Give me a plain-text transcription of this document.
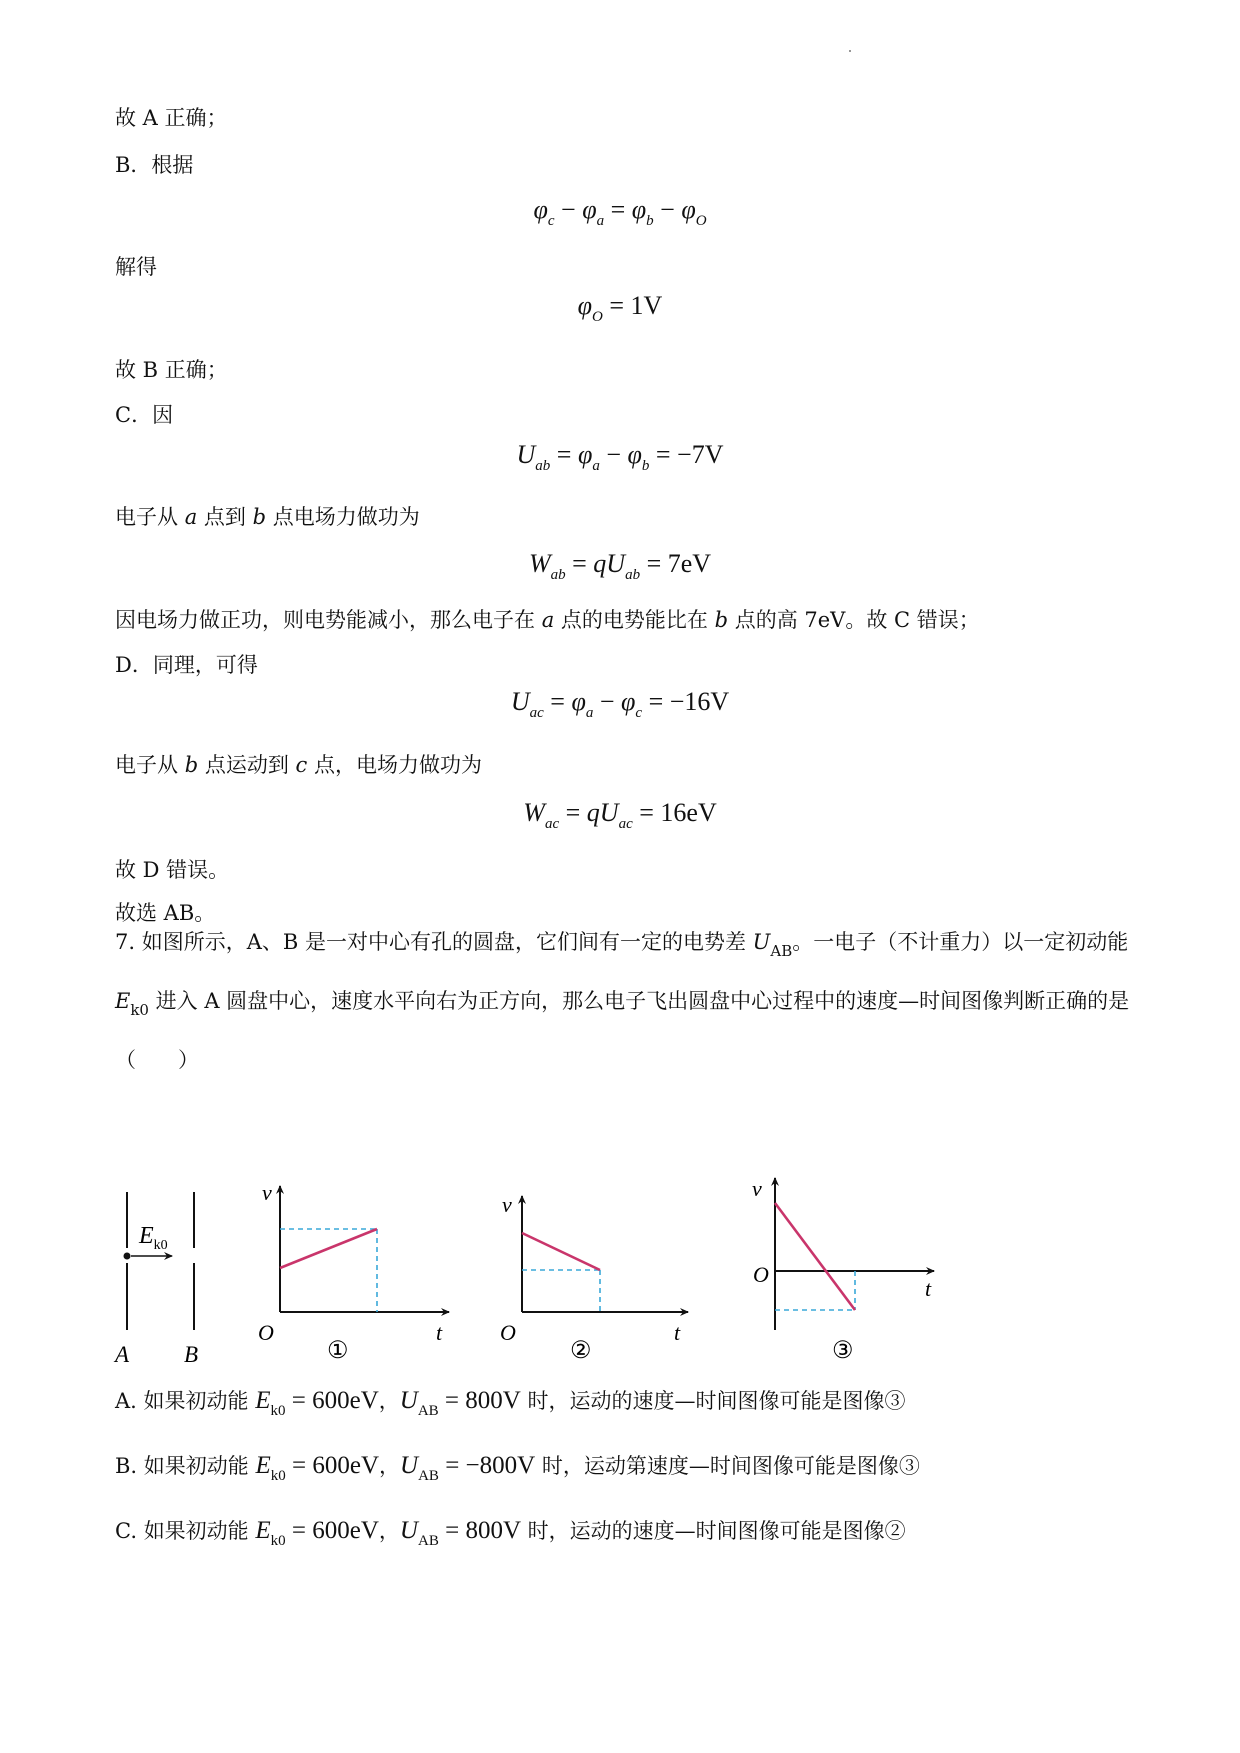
故 A 正确；
B．根据
$\varphi_c - \varphi_a = \varphi_b - \varphi_O$
解得
$\varphi_O = 1V$
故 B 正确；
C．因
$U_{ab} = \varphi_a - \varphi_b = -7V$
电子从 a 点到 b 点电场力做功为
$W_{ab} = qU_{ab} = 7eV$
因电场力做正功，则电势能减小，那么电子在 a 点的电势能比在 b 点的高 7eV。故 C 错误；
D．同理，可得
$U_{ac} = \varphi_a - \varphi_c = -16V$
电子从 b 点运动到 c 点，电场力做功为
$W_{ac} = qU_{ac} = 16eV$
故 D 错误。
故选 AB。
7. 如图所示，A、B 是一对中心有孔的圆盘，它们间有一定的电势差 $U_{AB}$。一电子（不计重力）以一定初动能 $E_{k0}$ 进入 A 圆盘中心，速度水平向右为正方向，那么电子飞出圆盘中心过程中的速度—时间图像判断正确的是（　　）
$E_{k0}$
A B
v
O	t
①
v
O	t
②
v
O
t
③
A. 如果初动能 $E_{k0} = 600eV$，$U_{AB} = 800V$ 时，运动的速度—时间图像可能是图像③
B. 如果初动能 $E_{k0} = 600eV$，$U_{AB} = -800V$ 时，运动第速度—时间图像可能是图像③
C. 如果初动能 $E_{k0} = 600eV$，$U_{AB} = 800V$ 时，运动的速度—时间图像可能是图像②
